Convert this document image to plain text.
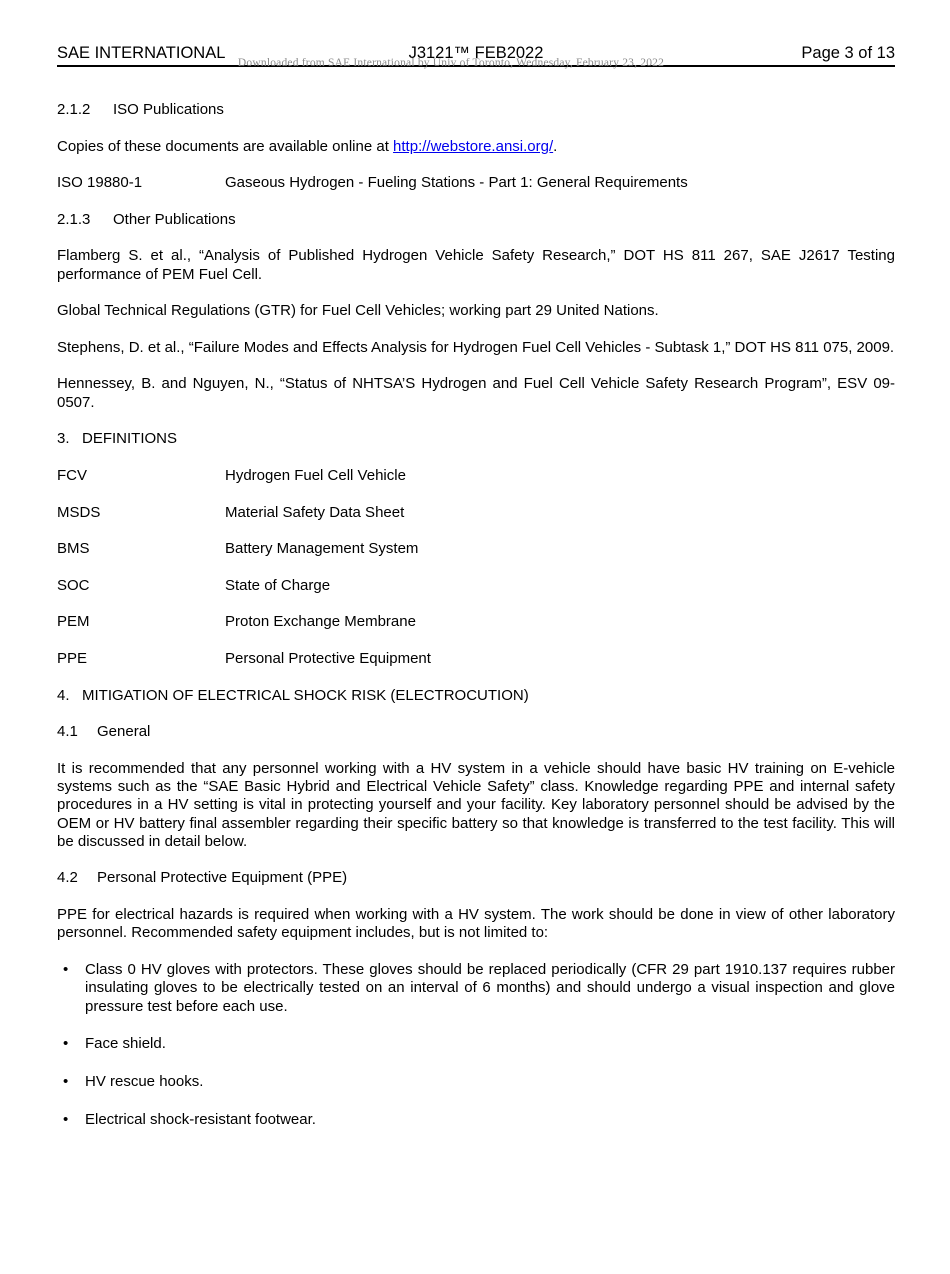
Downloaded from SAE International by Univ of Toronto, Wednesday, February 23, 2022
SAE INTERNATIONAL	J3121™ FEB2022	Page 3 of 13
2.1.2	ISO Publications

Copies of these documents are available online at http://webstore.ansi.org/.

ISO 19880-1	Gaseous Hydrogen - Fueling Stations - Part 1: General Requirements
2.1.3	Other Publications

Flamberg S. et al., “Analysis of Published Hydrogen Vehicle Safety Research,” DOT HS 811 267, SAE J2617 Testing performance of PEM Fuel Cell.

Global Technical Regulations (GTR) for Fuel Cell Vehicles; working part 29 United Nations.

Stephens, D. et al., “Failure Modes and Effects Analysis for Hydrogen Fuel Cell Vehicles - Subtask 1,” DOT HS 811 075, 2009.

Hennessey, B. and Nguyen, N., “Status of NHTSA’S Hydrogen and Fuel Cell Vehicle Safety Research Program”, ESV 09-0507.

3. DEFINITIONS
FCV	Hydrogen Fuel Cell Vehicle
MSDS	Material Safety Data Sheet
BMS	Battery Management System
SOC	State of Charge
PEM	Proton Exchange Membrane
PPE	Personal Protective Equipment
4. MITIGATION OF ELECTRICAL SHOCK RISK (ELECTROCUTION)
4.1	General

It is recommended that any personnel working with a HV system in a vehicle should have basic HV training on E-vehicle systems such as the “SAE Basic Hybrid and Electrical Vehicle Safety” class. Knowledge regarding PPE and internal safety procedures in a HV setting is vital in protecting yourself and your facility. Key laboratory personnel should be advised by the OEM or HV battery final assembler regarding their specific battery so that knowledge is transferred to the test facility. This will be discussed in detail below.

4.2	Personal Protective Equipment (PPE)

PPE for electrical hazards is required when working with a HV system. The work should be done in view of other laboratory personnel. Recommended safety equipment includes, but is not limited to:

•	Class 0 HV gloves with protectors. These gloves should be replaced periodically (CFR 29 part 1910.137 requires rubber insulating gloves to be electrically tested on an interval of 6 months) and should undergo a visual inspection and glove pressure test before each use.
•	Face shield.
•	HV rescue hooks.
•	Electrical shock-resistant footwear.
